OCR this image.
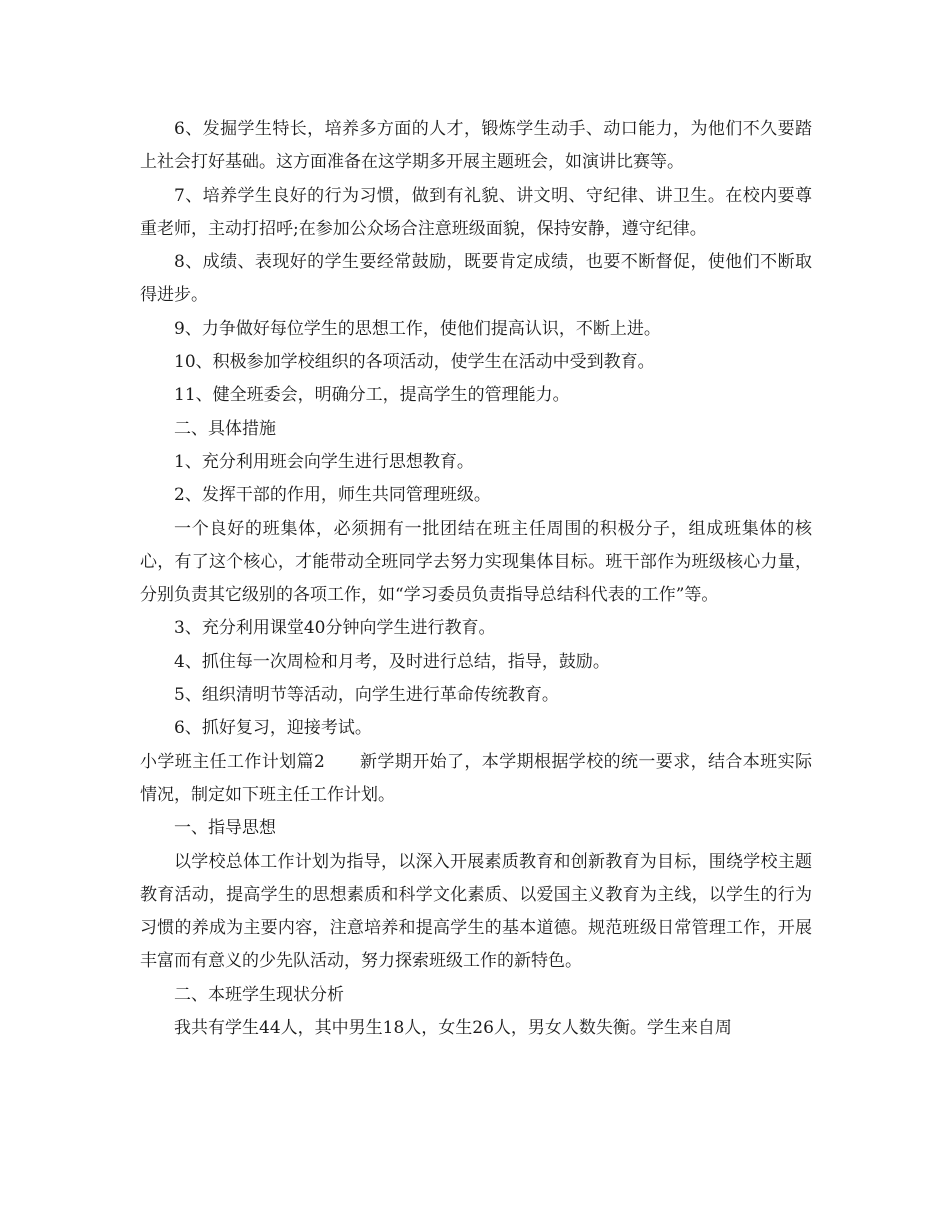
6、发掘学生特长，培养多方面的人才，锻炼学生动手、动口能力，为他们不久要踏上社会打好基础。这方面准备在这学期多开展主题班会，如演讲比赛等。

7、培养学生良好的行为习惯，做到有礼貌、讲文明、守纪律、讲卫生。在校内要尊重老师，主动打招呼;在参加公众场合注意班级面貌，保持安静，遵守纪律。

8、成绩、表现好的学生要经常鼓励，既要肯定成绩，也要不断督促，使他们不断取得进步。

9、力争做好每位学生的思想工作，使他们提高认识，不断上进。

10、积极参加学校组织的各项活动，使学生在活动中受到教育。

11、健全班委会，明确分工，提高学生的管理能力。

二、具体措施

1、充分利用班会向学生进行思想教育。

2、发挥干部的作用，师生共同管理班级。

一个良好的班集体，必须拥有一批团结在班主任周围的积极分子，组成班集体的核心，有了这个核心，才能带动全班同学去努力实现集体目标。班干部作为班级核心力量，分别负责其它级别的各项工作，如“学习委员负责指导总结科代表的工作”等。

3、充分利用课堂40分钟向学生进行教育。

4、抓住每一次周检和月考，及时进行总结，指导，鼓励。

5、组织清明节等活动，向学生进行革命传统教育。

6、抓好复习，迎接考试。

小学班主任工作计划篇2　　新学期开始了，本学期根据学校的统一要求，结合本班实际情况，制定如下班主任工作计划。

一、指导思想

以学校总体工作计划为指导，以深入开展素质教育和创新教育为目标，围绕学校主题教育活动，提高学生的思想素质和科学文化素质、以爱国主义教育为主线，以学生的行为习惯的养成为主要内容，注意培养和提高学生的基本道德。规范班级日常管理工作，开展丰富而有意义的少先队活动，努力探索班级工作的新特色。

二、本班学生现状分析

我共有学生44人，其中男生18人，女生26人，男女人数失衡。学生来自周
